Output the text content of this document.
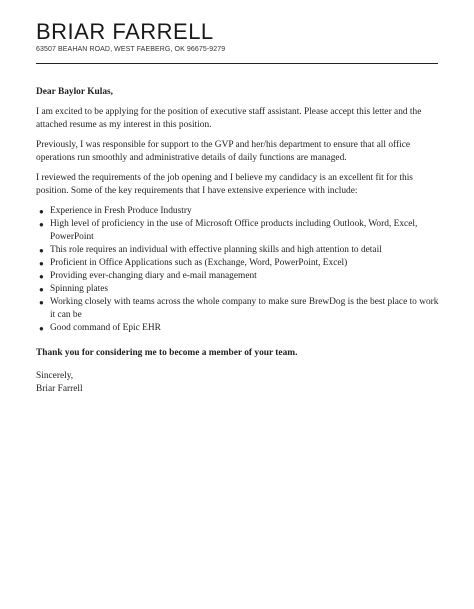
BRIAR FARRELL
63507 BEAHAN ROAD, WEST FAEBERG, OK 96675-9279

Dear Baylor Kulas,

I am excited to be applying for the position of executive staff assistant. Please accept this letter and the attached resume as my interest in this position.

Previously, I was responsible for support to the GVP and her/his department to ensure that all office operations run smoothly and administrative details of daily functions are managed.

I reviewed the requirements of the job opening and I believe my candidacy is an excellent fit for this position. Some of the key requirements that I have extensive experience with include:

● Experience in Fresh Produce Industry
● High level of proficiency in the use of Microsoft Office products including Outlook, Word, Excel, PowerPoint
● This role requires an individual with effective planning skills and high attention to detail
● Proficient in Office Applications such as (Exchange, Word, PowerPoint, Excel)
● Providing ever-changing diary and e-mail management
● Spinning plates
● Working closely with teams across the whole company to make sure BrewDog is the best place to work it can be
● Good command of Epic EHR

Thank you for considering me to become a member of your team.

Sincerely,

Briar Farrell
